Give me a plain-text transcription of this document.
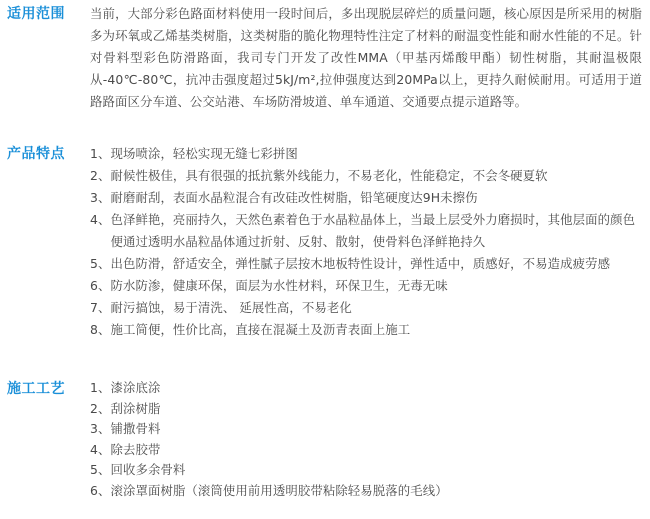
适用范围 当前，大部分彩色路面材料使用一段时间后，多出现脱层碎烂的质量问题，核心原因是所采用的树脂多为环氧或乙烯基类树脂，这类树脂的脆化物理特性注定了材料的耐温变性能和耐水性能的不足。针对骨料型彩色防滑路面，我司专门开发了改性MMA（甲基丙烯酸甲酯）韧性树脂，其耐温极限从-40℃-80℃，抗冲击强度超过5kJ/m²,拉伸强度达到20MPa以上，更持久耐候耐用。可适用于道路路面区分车道、公交站港、车场防滑坡道、单车通道、交通要点提示道路等。

产品特点 1 、	现场喷涂，轻松实现无缝七彩拼图
2 、	耐候性极佳，具有很强的抵抗紫外线能力，不易老化，性能稳定，不会冬硬夏软
3 、	耐磨耐刮，表面水晶粒混合有改硅改性树脂，铅笔硬度达9H未擦伤
4 、	色泽鲜艳，亮丽持久，天然色素着色于水晶粒晶体上，当最上层受外力磨损时，其他层面的颜色便通过透明水晶粒晶体通过折射、反射、散射，使骨料色泽鲜艳持久
5 、	出色防滑，舒适安全，弹性腻子层按木地板特性设计，弹性适中，质感好，不易造成疲劳感
6 、	防水防渗，健康环保，面层为水性材料，环保卫生，无毒无味
7 、	耐污搞蚀，易于清洗、 延展性高，不易老化
8 、	施工简便，性价比高，直接在混凝土及沥青表面上施工
施工工艺 1 、	漆涂底涂
2 、	刮涂树脂
3 、	铺撒骨料
4 、	除去胶带
5 、	回收多余骨料
6 、	滚涂罩面树脂（滚筒使用前用透明胶带粘除轻易脱落的毛线）
